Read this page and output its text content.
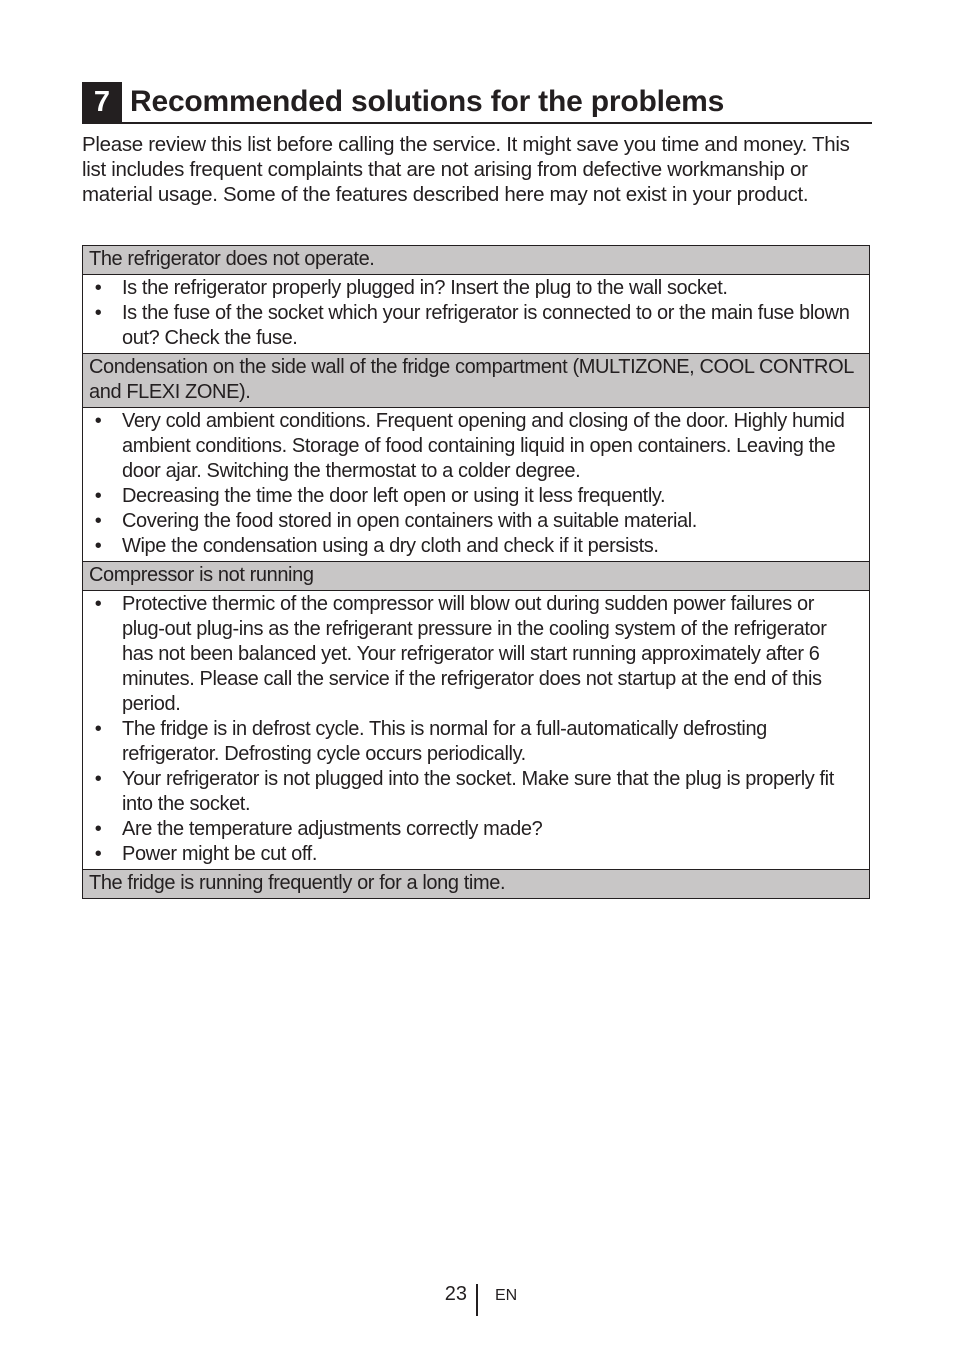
7 Recommended solutions for the problems
Please review this list before calling the service. It might save you time and money. This list includes frequent complaints that are not arising from defective workmanship or material usage. Some of the features described here may not exist in your product.
The refrigerator does not operate.
• Is the refrigerator properly plugged in? Insert the plug to the wall socket.
• Is the fuse of the socket which your refrigerator is connected to or the main fuse blown out? Check the fuse.
Condensation on the side wall of the fridge compartment (MULTIZONE, COOL CONTROL and FLEXI ZONE).
• Very cold ambient conditions. Frequent opening and closing of the door. Highly humid ambient conditions. Storage of food containing liquid in open containers. Leaving the door ajar. Switching the thermostat to a colder degree.
• Decreasing the time the door left open or using it less frequently.
• Covering the food stored in open containers with a suitable material.
• Wipe the condensation using a dry cloth and check if it persists.
Compressor is not running
• Protective thermic of the compressor will blow out during sudden power failures or plug-out plug-ins as the refrigerant pressure in the cooling system of the refrigerator has not been balanced yet. Your refrigerator will start running approximately after 6 minutes. Please call the service if the refrigerator does not startup at the end of this period.
• The fridge is in defrost cycle. This is normal for a full-automatically defrosting refrigerator. Defrosting cycle occurs periodically.
• Your refrigerator is not plugged into the socket. Make sure that the plug is properly fit into the socket.
• Are the temperature adjustments correctly made?
• Power might be cut off.
The fridge is running frequently or for a long time.
23 EN
